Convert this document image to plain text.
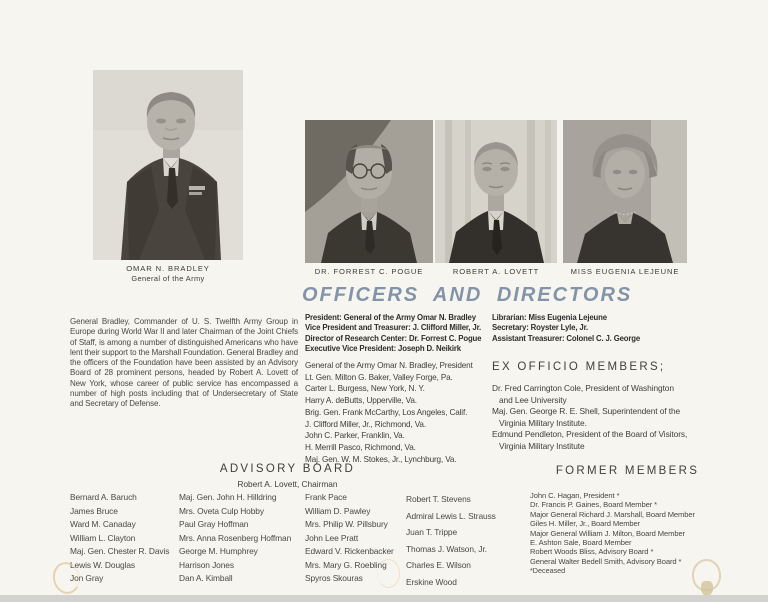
OMAR N. BRADLEY
General of the Army
DR. FORREST C. POGUE	ROBERT A. LOVETT	MISS EUGENIA LEJEUNE
OFFICERS AND DIRECTORS
General Bradley, Commander of U. S. Twelfth Army Group in Europe during World War II and later Chairman of the Joint Chiefs of Staff, is among a number of distinguished Americans who have lent their support to the Marshall Foundation. General Bradley and the officers of the Foundation have been assisted by an Advisory Board of 28 prominent persons, headed by Robert A. Lovett of New York, whose career of public service has encompassed a number of high posts including that of Undersecretary of State and Secretary of Defense.
President: General of the Army Omar N. Bradley
Vice President and Treasurer: J. Clifford Miller, Jr.
Director of Research Center: Dr. Forrest C. Pogue
Executive Vice President: Joseph D. Neikirk
Librarian: Miss Eugenia Lejeune
Secretary: Royster Lyle, Jr.
Assistant Treasurer: Colonel C. J. George
General of the Army Omar N. Bradley, President
Lt. Gen. Milton G. Baker, Valley Forge, Pa.
Carter L. Burgess, New York, N. Y.
Harry A. deButts, Upperville, Va.
Brig. Gen. Frank McCarthy, Los Angeles, Calif.
J. Clifford Miller, Jr., Richmond, Va.
John C. Parker, Franklin, Va.
H. Merrill Pasco, Richmond, Va.
Maj. Gen. W. M. Stokes, Jr., Lynchburg, Va.
EX OFFICIO MEMBERS;
Dr. Fred Carrington Cole, President of Washington
and Lee University
Maj. Gen. George R. E. Shell, Superintendent of the
Virginia Military Institute.
Edmund Pendleton, President of the Board of Visitors,
Virginia Military Institute
ADVISORY BOARD
Robert A. Lovett, Chairman
Bernard A. Baruch
James Bruce
Ward M. Canaday
William L. Clayton
Maj. Gen. Chester R. Davis
Lewis W. Douglas
Jon Gray
Maj. Gen. John H. Hilldring
Mrs. Oveta Culp Hobby
Paul Gray Hoffman
Mrs. Anna Rosenberg Hoffman
George M. Humphrey
Harrison Jones
Dan A. Kimball
Frank Pace
William D. Pawley
Mrs. Philip W. Pillsbury
John Lee Pratt
Edward V. Rickenbacker
Mrs. Mary G. Roebling
Spyros Skouras
Robert T. Stevens
Admiral Lewis L. Strauss
Juan T. Trippe
Thomas J. Watson, Jr.
Charles E. Wilson
Erskine Wood
FORMER MEMBERS
John C. Hagan, President *
Dr. Francis P. Gaines, Board Member *
Major General Richard J. Marshall, Board Member
Giles H. Miller, Jr., Board Member
Major General William J. Milton, Board Member
E. Ashton Sale, Board Member
Robert Woods Bliss, Advisory Board *
General Walter Bedell Smith, Advisory Board *
*Deceased
